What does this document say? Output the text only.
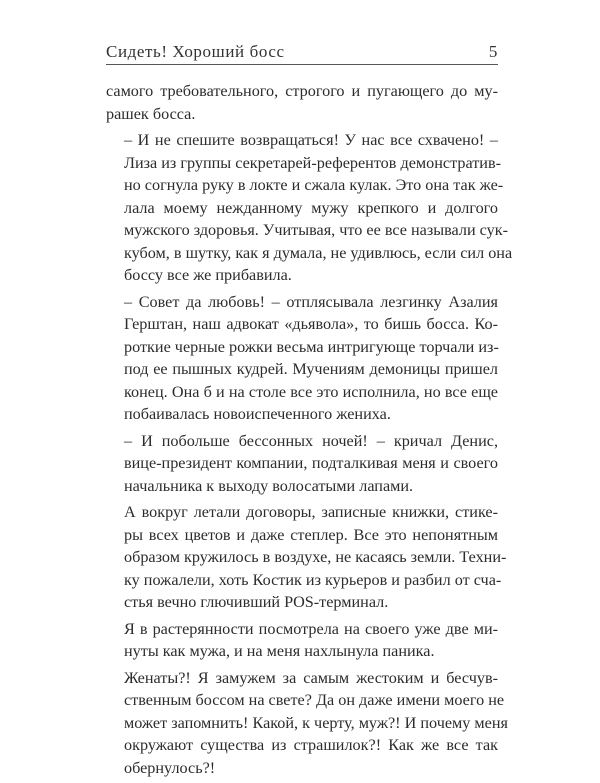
Сидеть! Хороший босс	5

самого требовательного, строгого и пугающего до му-
рашек босса.

– И не спешите возвращаться! У нас все схвачено! –
Лиза из группы секретарей-референтов демонстратив-
но согнула руку в локте и сжала кулак. Это она так же-
лала моему нежданному мужу крепкого и долгого
мужского здоровья. Учитывая, что ее все называли сук-
кубом, в шутку, как я думала, не удивлюсь, если сил она
боссу все же прибавила.

– Совет да любовь! – отплясывала лезгинку Азалия
Герштан, наш адвокат «дьявола», то бишь босса. Ко-
роткие черные рожки весьма интригующе торчали из-
под ее пышных кудрей. Мучениям демоницы пришел
конец. Она б и на столе все это исполнила, но все еще
побаивалась новоиспеченного жениха.

– И побольше бессонных ночей! – кричал Денис,
вице-президент компании, подталкивая меня и своего
начальника к выходу волосатыми лапами.

А вокруг летали договоры, записные книжки, стике-
ры всех цветов и даже степлер. Все это непонятным
образом кружилось в воздухе, не касаясь земли. Техни-
ку пожалели, хоть Костик из курьеров и разбил от сча-
стья вечно глючивший POS-терминал.

Я в растерянности посмотрела на своего уже две ми-
нуты как мужа, и на меня нахлынула паника.

Женаты?! Я замужем за самым жестоким и бесчув-
ственным боссом на свете? Да он даже имени моего не
может запомнить! Какой, к черту, муж?! И почему меня
окружают существа из страшилок?! Как же все так
обернулось?!
